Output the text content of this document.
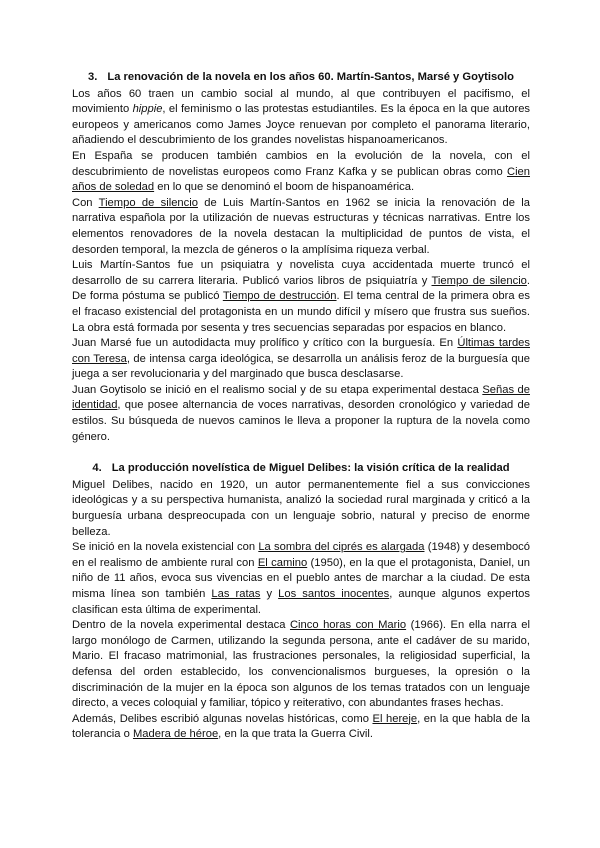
3. La renovación de la novela en los años 60. Martín-Santos, Marsé y Goytisolo

Los años 60 traen un cambio social al mundo, al que contribuyen el pacifismo, el movimiento hippie, el feminismo o las protestas estudiantiles. Es la época en la que autores europeos y americanos como James Joyce renuevan por completo el panorama literario, añadiendo el descubrimiento de los grandes novelistas hispanoamericanos.

En España se producen también cambios en la evolución de la novela, con el descubrimiento de novelistas europeos como Franz Kafka y se publican obras como Cien años de soledad en lo que se denominó el boom de hispanoamérica.

Con Tiempo de silencio de Luis Martín-Santos en 1962 se inicia la renovación de la narrativa española por la utilización de nuevas estructuras y técnicas narrativas. Entre los elementos renovadores de la novela destacan la multiplicidad de puntos de vista, el desorden temporal, la mezcla de géneros o la amplísima riqueza verbal.

Luis Martín-Santos fue un psiquiatra y novelista cuya accidentada muerte truncó el desarrollo de su carrera literaria. Publicó varios libros de psiquiatría y Tiempo de silencio. De forma póstuma se publicó Tiempo de destrucción. El tema central de la primera obra es el fracaso existencial del protagonista en un mundo difícil y mísero que frustra sus sueños. La obra está formada por sesenta y tres secuencias separadas por espacios en blanco.

Juan Marsé fue un autodidacta muy prolífico y crítico con la burguesía. En Últimas tardes con Teresa, de intensa carga ideológica, se desarrolla un análisis feroz de la burguesía que juega a ser revolucionaria y del marginado que busca desclasarse.

Juan Goytisolo se inició en el realismo social y de su etapa experimental destaca Señas de identidad, que posee alternancia de voces narrativas, desorden cronológico y variedad de estilos. Su búsqueda de nuevos caminos le lleva a proponer la ruptura de la novela como género.

4. La producción novelística de Miguel Delibes: la visión crítica de la realidad

Miguel Delibes, nacido en 1920, un autor permanentemente fiel a sus convicciones ideológicas y a su perspectiva humanista, analizó la sociedad rural marginada y criticó a la burguesía urbana despreocupada con un lenguaje sobrio, natural y preciso de enorme belleza.

Se inició en la novela existencial con La sombra del ciprés es alargada (1948) y desembocó en el realismo de ambiente rural con El camino (1950), en la que el protagonista, Daniel, un niño de 11 años, evoca sus vivencias en el pueblo antes de marchar a la ciudad. De esta misma línea son también Las ratas y Los santos inocentes, aunque algunos expertos clasifican esta última de experimental.

Dentro de la novela experimental destaca Cinco horas con Mario (1966). En ella narra el largo monólogo de Carmen, utilizando la segunda persona, ante el cadáver de su marido, Mario. El fracaso matrimonial, las frustraciones personales, la religiosidad superficial, la defensa del orden establecido, los convencionalismos burgueses, la opresión o la discriminación de la mujer en la época son algunos de los temas tratados con un lenguaje directo, a veces coloquial y familiar, tópico y reiterativo, con abundantes frases hechas.

Además, Delibes escribió algunas novelas históricas, como El hereje, en la que habla de la tolerancia o Madera de héroe, en la que trata la Guerra Civil.
